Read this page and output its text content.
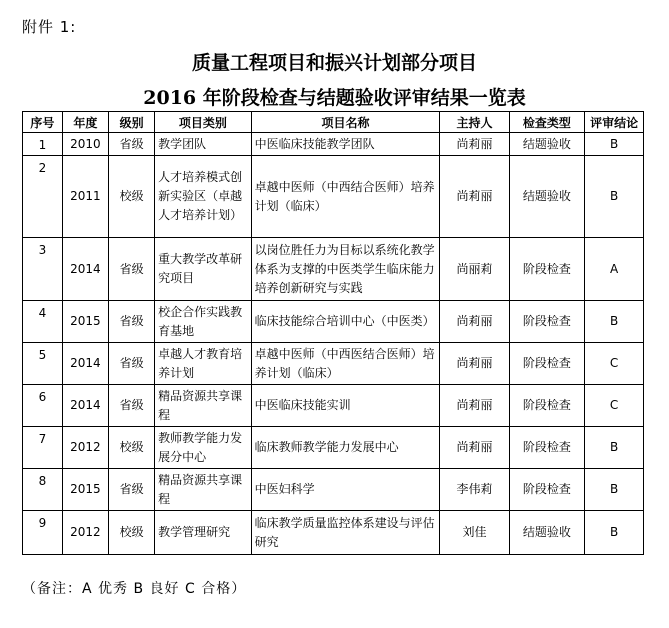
附件 1:
质量工程项目和振兴计划部分项目
2016 年阶段检查与结题验收评审结果一览表
序号	年度	级别	项目类别	项目名称	主持人	检查类型	评审结论
1	2010	省级	教学团队	中医临床技能教学团队	尚莉丽	结题验收	B
2	2011	校级	人才培养模式创新实验区（卓越人才培养计划）	卓越中医师（中西结合医师）培养计划（临床）	尚莉丽	结题验收	B
3	2014	省级	重大教学改革研究项目	以岗位胜任力为目标以系统化教学体系为支撑的中医类学生临床能力培养创新研究与实践	尚丽莉	阶段检查	A
4	2015	省级	校企合作实践教育基地	临床技能综合培训中心（中医类）	尚莉丽	阶段检查	B
5	2014	省级	卓越人才教育培养计划	卓越中医师（中西医结合医师）培养计划（临床）	尚莉丽	阶段检查	C
6	2014	省级	精品资源共享课程	中医临床技能实训	尚莉丽	阶段检查	C
7	2012	校级	教师教学能力发展分中心	临床教师教学能力发展中心	尚莉丽	阶段检查	B
8	2015	省级	精品资源共享课程	中医妇科学	李伟莉	阶段检查	B
9	2012	校级	教学管理研究	临床教学质量监控体系建设与评估研究	刘佳	结题验收	B
（备注：A 优秀 B 良好 C 合格）
